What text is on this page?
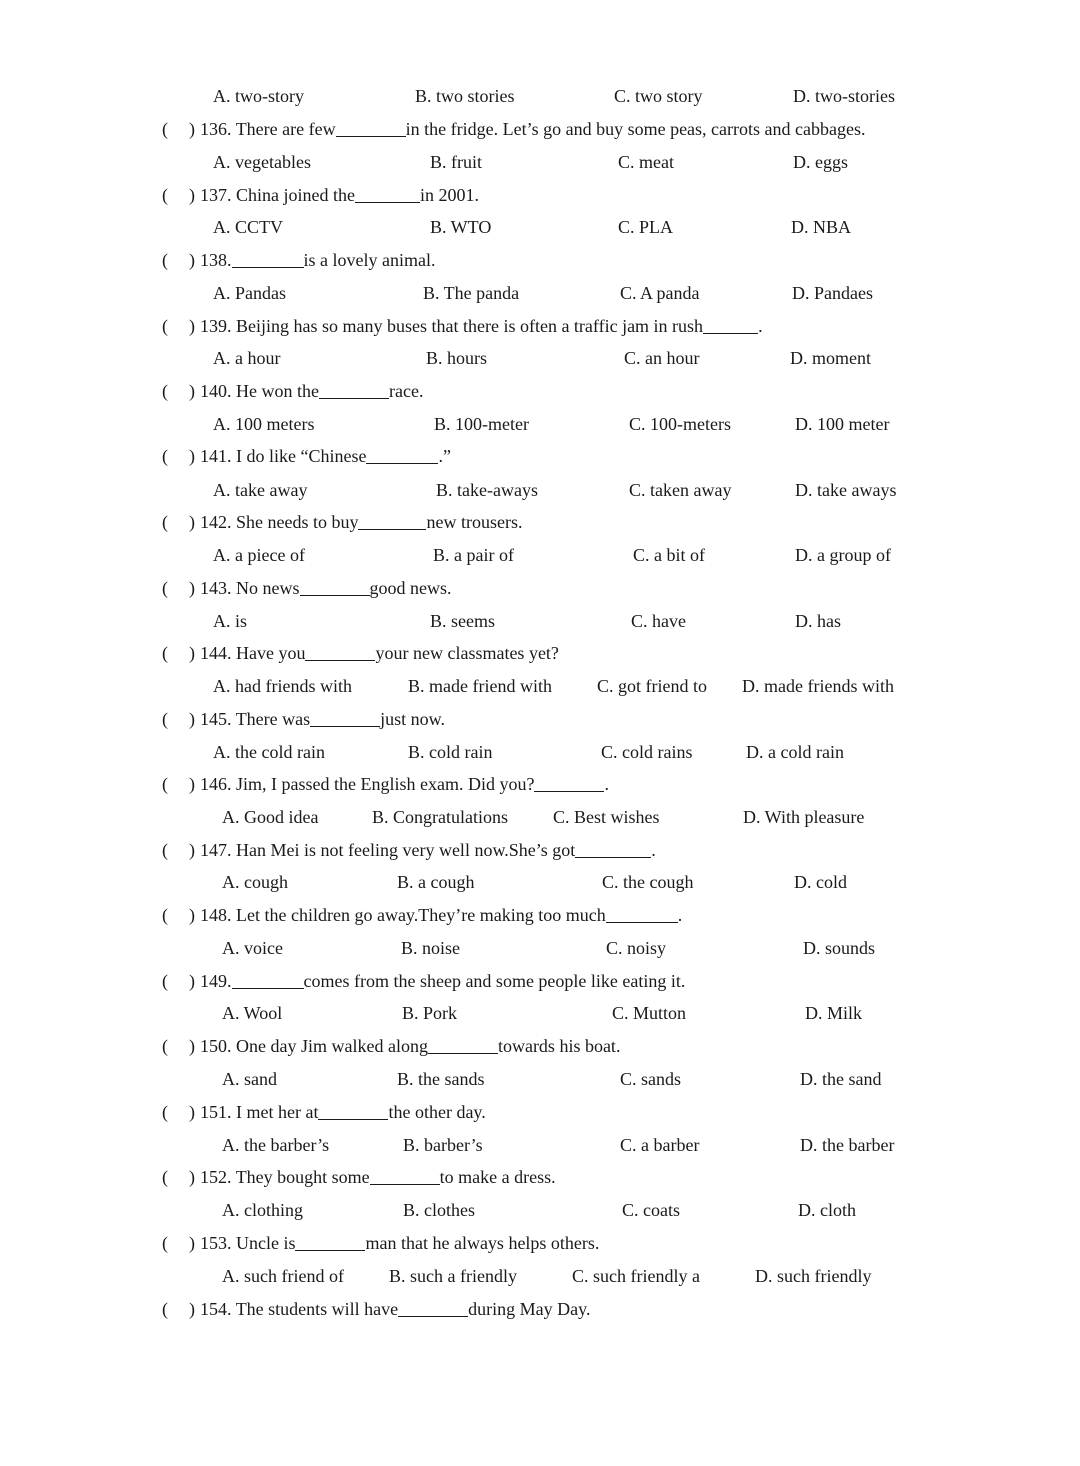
A. two-story	B. two stories	C. two story	D. two-stories
( ) 136. There are few	in the fridge. Let’s go and buy some peas, carrots and cabbages.
A. vegetables	B. fruit	C. meat	D. eggs
( ) 137. China joined the	in 2001.
A. CCTV	B. WTO	C. PLA	D. NBA
( ) 138.	is a lovely animal.
A. Pandas	B. The panda	C. A panda	D. Pandaes
( ) 139. Beijing has so many buses that there is often a traffic jam in rush	.
A. a hour	B. hours	C. an hour	D. moment
( ) 140. He won the	race.
A. 100 meters	B. 100-meter	C. 100-meters	D. 100 meter
( ) 141. I do like “Chinese	.”
A. take away	B. take-aways	C. taken away	D. take aways
( ) 142. She needs to buy	new trousers.
A. a piece of	B. a pair of	C. a bit of	D. a group of
( ) 143. No news	good news.
A. is	B. seems	C. have	D. has
( ) 144. Have you	your new classmates yet?
A. had friends with	B. made friend with	C. got friend to D. made friends with
( ) 145. There was	just now.
A. the cold rain	B. cold rain	C. cold rains	D. a cold rain
( ) 146. Jim, I passed the English exam. Did you?	.
A. Good idea	B. Congratulations	C. Best wishes	D. With pleasure
( ) 147. Han Mei is not feeling very well now.She’s got	.
A. cough	B. a cough	C. the cough	D. cold
( ) 148. Let the children go away.They’re making too much	.
A. voice	B. noise	C. noisy	D. sounds
( ) 149.	comes from the sheep and some people like eating it.
A. Wool	B. Pork	C. Mutton	D. Milk
( ) 150. One day Jim walked along	towards his boat.
A. sand	B. the sands	C. sands	D. the sand
( ) 151. I met her at	the other day.
A. the barber’s	B. barber’s	C. a barber	D. the barber
( ) 152. They bought some	to make a dress.
A. clothing	B. clothes	C. coats	D. cloth
( ) 153. Uncle is	man that he always helps others.
A. such friend of	B. such a friendly	C. such friendly a	D. such friendly
( ) 154. The students will have	during May Day.
